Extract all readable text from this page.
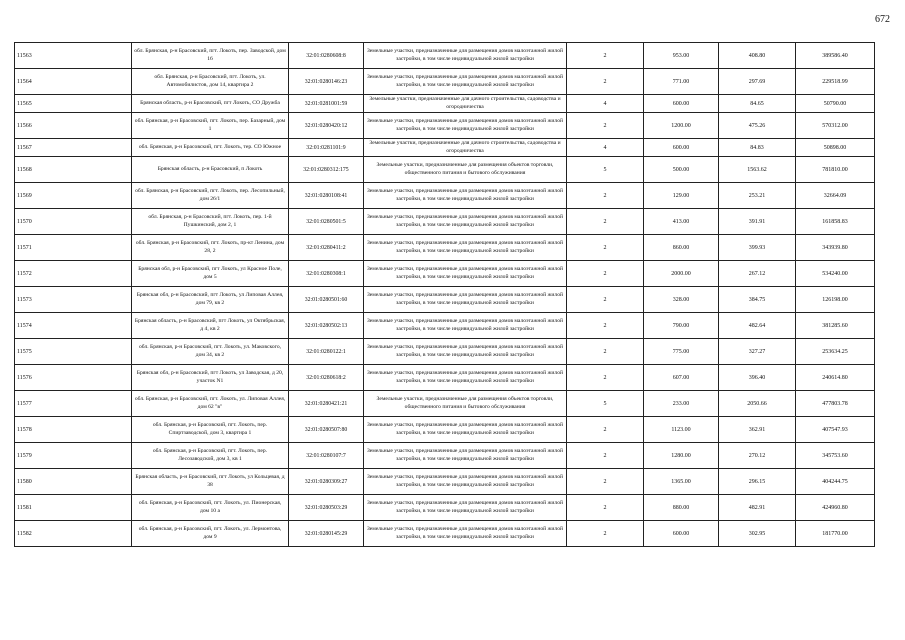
672
11563	обл. Брянская, р-н Брасовский, пгт. Локоть, пер. Заводской, дом 16	32:01:0280608:8	Земельные участки, предназначенные для размещения домов малоэтажной жилой застройки, в том числе индивидуальной жилой застройки	2	953.00	408.80	389586.40
11564	обл. Брянская, р-н Брасовский, пгт. Локоть, ул. Автомобилистов, дом 14, квартира 2	32:01:0280146:23	Земельные участки, предназначенные для размещения домов малоэтажной жилой застройки, в том числе индивидуальной жилой застройки	2	771.00	297.69	229518.99
11565	Брянская область, р-н Брасовский, пгт Локоть, СО Дружба	32:01:0281001:59	Земельные участки, предназначенные для дачного строительства, садоводства и огородничества	4	600.00	84.65	50790.00
11566	обл. Брянская, р-н Брасовский, пгт. Локоть, пер. Базарный, дом 1	32:01:0280420:12	Земельные участки, предназначенные для размещения домов малоэтажной жилой застройки, в том числе индивидуальной жилой застройки	2	1200.00	475.26	570312.00
11567	обл. Брянская, р-н Брасовский, пгт. Локоть, тер. СО Южное	32:01:0281101:9	Земельные участки, предназначенные для дачного строительства, садоводства и огородничества	4	600.00	84.83	50898.00
11568	Брянская область, р-н Брасовский, п Локоть	32:01:0280312:175	Земельные участки, предназначенные для размещения объектов торговли, общественного питания и бытового обслуживания	5	500.00	1563.62	781810.00
11569	обл. Брянская, р-н Брасовский, пгт. Локоть, пер. Лесопильный, дом 26/1	32:01:0280108:41	Земельные участки, предназначенные для размещения домов малоэтажной жилой застройки, в том числе индивидуальной жилой застройки	2	129.00	253.21	32664.09
11570	обл. Брянская, р-н Брасовский, пгт. Локоть, пер. 1-й Пушкинский, дом 2, 1	32:01:0280501:5	Земельные участки, предназначенные для размещения домов малоэтажной жилой застройки, в том числе индивидуальной жилой застройки	2	413.00	391.91	161858.83
11571	обл. Брянская, р-н Брасовский, пгт. Локоть, пр-кт Ленина, дом 28, 2	32:01:0280411:2	Земельные участки, предназначенные для размещения домов малоэтажной жилой застройки, в том числе индивидуальной жилой застройки	2	860.00	399.93	343939.80
11572	Брянская обл, р-н Брасовский, пгт Локоть, ул Красное Поле, дом 5	32:01:0280308:1	Земельные участки, предназначенные для размещения домов малоэтажной жилой застройки, в том числе индивидуальной жилой застройки	2	2000.00	267.12	534240.00
11573	Брянская обл, р-н Брасовский, пгт Локоть, ул Липовая Аллея, дом 79, кв 2	32:01:0280501:60	Земельные участки, предназначенные для размещения домов малоэтажной жилой застройки, в том числе индивидуальной жилой застройки	2	328.00	384.75	126198.00
11574	Брянская область, р-н Брасовский, пгт Локоть, ул Октябрьская, д 4, кв 2	32:01:0280502:13	Земельные участки, предназначенные для размещения домов малоэтажной жилой застройки, в том числе индивидуальной жилой застройки	2	790.00	482.64	381285.60
11575	обл. Брянская, р-н Брасовский, пгт. Локоть, ул. Маковского, дом 34, кв 2	32:01:0280122:1	Земельные участки, предназначенные для размещения домов малоэтажной жилой застройки, в том числе индивидуальной жилой застройки	2	775.00	327.27	253634.25
11576	Брянская обл, р-н Брасовский, пгт Локоть, ул Заводская, д 20, участок N1	32:01:0280618:2	Земельные участки, предназначенные для размещения домов малоэтажной жилой застройки, в том числе индивидуальной жилой застройки	2	607.00	396.40	240614.80
11577	обл. Брянская, р-н Брасовский, пгт. Локоть, ул. Липовая Аллея, дом 62 "в"	32:01:0280421:21	Земельные участки, предназначенные для размещения объектов торговли, общественного питания и бытового обслуживания	5	233.00	2050.66	477803.78
11578	обл. Брянская, р-н Брасовский, пгт. Локоть, пер. Спиртзаводской, дом 3, квартира 1	32:01:0280507:80	Земельные участки, предназначенные для размещения домов малоэтажной жилой застройки, в том числе индивидуальной жилой застройки	2	1123.00	362.91	407547.93
11579	обл. Брянская, р-н Брасовский, пгт. Локоть, пер. Лесозаводской, дом 3, кв 1	32:01:0280107:7	Земельные участки, предназначенные для размещения домов малоэтажной жилой застройки, в том числе индивидуальной жилой застройки	2	1280.00	270.12	345753.60
11580	Брянская область, р-н Брасовский, пгт Локоть, ул Кольцевая, д 38	32:01:0280309:27	Земельные участки, предназначенные для размещения домов малоэтажной жилой застройки, в том числе индивидуальной жилой застройки	2	1365.00	296.15	404244.75
11581	обл. Брянская, р-н Брасовский, пгт. Локоть, ул. Пионерская, дом 10 а	32:01:0280503:29	Земельные участки, предназначенные для размещения домов малоэтажной жилой застройки, в том числе индивидуальной жилой застройки	2	880.00	482.91	424960.80
11582	обл. Брянская, р-н Брасовский, пгт. Локоть, ул. Лермонтова, дом 9	32:01:0280145:29	Земельные участки, предназначенные для размещения домов малоэтажной жилой застройки, в том числе индивидуальной жилой застройки	2	600.00	302.95	181770.00
